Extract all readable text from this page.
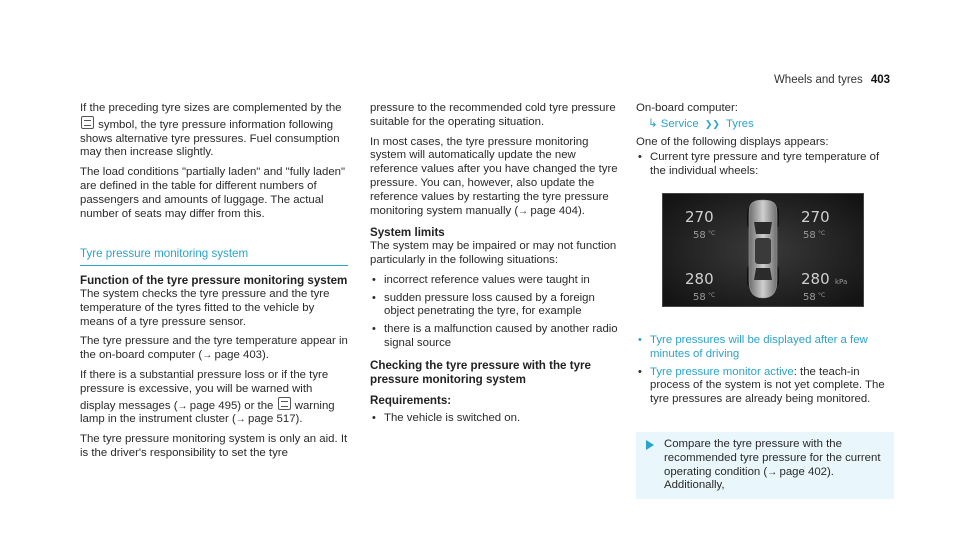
Wheels and tyres 403

If the preceding tyre sizes are complemented by the  symbol, the tyre pressure information following shows alternative tyre pressures. Fuel consumption may then increase slightly.

The load conditions "partially laden" and "fully laden" are defined in the table for different numbers of passengers and amounts of luggage. The actual number of seats may differ from this.

Tyre pressure monitoring system
Function of the tyre pressure monitoring system

The system checks the tyre pressure and the tyre temperature of the tyres fitted to the vehicle by means of a tyre pressure sensor.

The tyre pressure and the tyre temperature appear in the on-board computer (→  page 403).

If there is a substantial pressure loss or if the tyre pressure is excessive, you will be warned with display messages (→  page 495) or the warning lamp in the instrument cluster (→  page 517).

The tyre pressure monitoring system is only an aid. It is the driver's responsibility to set the tyre

pressure to the recommended cold tyre pressure suitable for the operating situation.

In most cases, the tyre pressure monitoring system will automatically update the new reference values after you have changed the tyre pressure. You can, however, also update the reference values by restarting the tyre pressure monitoring system manually (→  page 404).

System limits

The system may be impaired or may not function particularly in the following situations:

• incorrect reference values were taught in
• sudden pressure loss caused by a foreign object penetrating the tyre, for example
• there is a malfunction caused by another radio signal source
Checking the tyre pressure with the tyre pressure monitoring system
Requirements:
• The vehicle is switched on.

On-board computer:

↳ Service ❯❯ Tyres

One of the following displays appears:

• Current tyre pressure and tyre temperature of the individual wheels:
270
58 °C
270
58 °C
280
58 °C
280 kPa
58 °C
• Tyre pressures will be displayed after a few minutes of driving
• Tyre pressure monitor active: the teach-in process of the system is not yet complete. The tyre pressures are already being monitored.
Compare the tyre pressure with the recommended tyre pressure for the current operating condition (→  page 402). Additionally,
